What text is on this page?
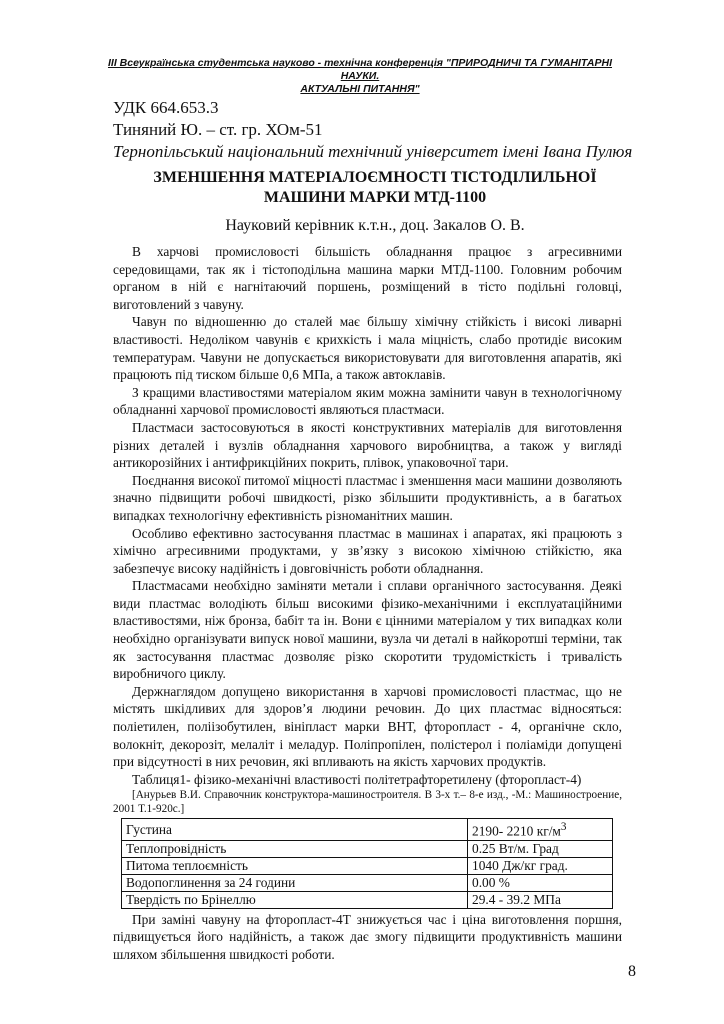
ІІІ Всеукраїнська студентська науково - технічна конференція "ПРИРОДНИЧІ ТА ГУМАНІТАРНІ НАУКИ.
АКТУАЛЬНІ ПИТАННЯ"
УДК 664.653.3
Тиняний Ю. – ст. гр. ХОм-51
Тернопільський національний технічний університет імені Івана Пулюя
ЗМЕНШЕННЯ МАТЕРІАЛОЄМНОСТІ ТІСТОДІЛИЛЬНОЇ
МАШИНИ МАРКИ МТД-1100
Науковий керівник к.т.н., доц. Закалов О. В.

В харчові промисловості більшість обладнання працює з агресивними середовищами, так як і тістоподільна машина марки МТД-1100. Головним робочим органом в ній є нагнітаючий поршень, розміщений в тісто подільні головці, виготовлений з чавуну.

Чавун по відношенню до сталей має більшу хімічну стійкість і високі ливарні властивості. Недоліком чавунів є крихкість і мала міцність, слабо протидіє високим температурам. Чавуни не допускається використовувати для виготовлення апаратів, які працюють під тиском більше 0,6 МПа, а також автоклавів.

З кращими властивостями матеріалом яким можна замінити чавун в технологічному обладнанні харчової промисловості являються пластмаси.

Пластмаси застосовуються в якості конструктивних матеріалів для виготовлення різних деталей і вузлів обладнання харчового виробництва, а також у вигляді антикорозійних і антифрикційних покрить, плівок, упаковочної тари.

Поєднання високої питомої міцності пластмас і зменшення маси машини дозволяють значно підвищити робочі швидкості, різко збільшити продуктивність, а в багатьох випадках технологічну ефективність різноманітних машин.

Особливо ефективно застосування пластмас в машинах і апаратах, які працюють з хімічно агресивними продуктами, у зв’язку з високою хімічною стійкістю, яка забезпечує високу надійність і довговічність роботи обладнання.

Пластмасами необхідно заміняти метали і сплави органічного застосування. Деякі види пластмас володіють більш високими фізико-механічними і експлуатаційними властивостями, ніж бронза, бабіт та ін. Вони є цінними матеріалом у тих випадках коли необхідно організувати випуск нової машини, вузла чи деталі в найкоротші терміни, так як застосування пластмас дозволяє різко скоротити трудомісткість і тривалість виробничого циклу.

Держнаглядом допущено використання в харчові промисловості пластмас, що не містять шкідливих для здоров’я людини речовин. До цих пластмас відносяться: поліетилен, поліізобутилен, вініпласт марки ВНТ, фторопласт - 4, органічне скло, волокніт, декорозіт, мелаліт і меладур. Поліпропілен, полістерол і поліаміди допущені при відсутності в них речовин, які впливають на якість харчових продуктів.

Таблиця1- фізико-механічні властивості політетрафторетилену (фторопласт-4)

[Анурьев В.И. Справочник конструктора-машиностроителя. В 3-х т.– 8-е изд., -М.: Машиностроение, 2001 Т.1-920с.]

Густина	2190- 2210 $кг/м^3$
Теплопровідність	0.25 Вт/м. Град
Питома теплоємність	1040 Дж/кг град.
Водопоглинення за 24 години	0.00 %
Твердість по Брінеллю	29.4 - 39.2 МПа

При заміні чавуну на фторопласт-4Т знижується час і ціна виготовлення поршня, підвищується його надійність, а також дає змогу підвищити продуктивність машини шляхом збільшення швидкості роботи.

8
